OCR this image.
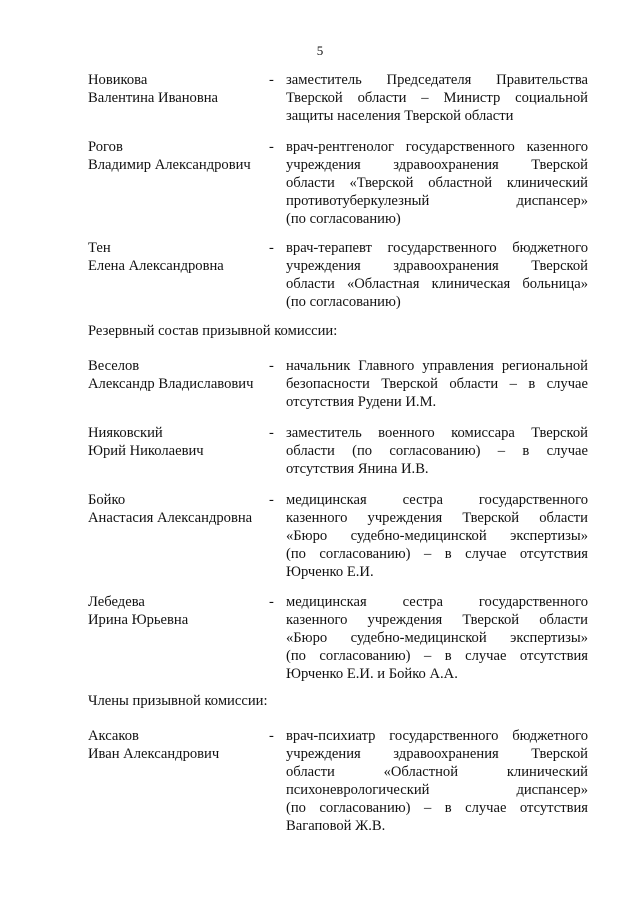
5
Новикова
Валентина Ивановна
- заместитель Председателя Правительства
Тверской области – Министр социальной
защиты населения Тверской области
Рогов
Владимир Александрович
- врач-рентгенолог государственного казенного
учреждения здравоохранения Тверской
области «Тверской областной клинический
противотуберкулезный диспансер»
(по согласованию)
Тен
Елена Александровна
- врач-терапевт государственного бюджетного
учреждения здравоохранения Тверской
области «Областная клиническая больница»
(по согласованию)
Резервный состав призывной комиссии:
Веселов
Александр Владиславович
- начальник Главного управления региональной
безопасности Тверской области – в случае
отсутствия Рудени И.М.
Нияковский
Юрий Николаевич
- заместитель военного комиссара Тверской
области (по согласованию) – в случае
отсутствия Янина И.В.
Бойко
Анастасия Александровна
- медицинская сестра государственного
казенного учреждения Тверской области
«Бюро судебно-медицинской экспертизы»
(по согласованию) – в случае отсутствия
Юрченко Е.И.
Лебедева
Ирина Юрьевна
- медицинская сестра государственного
казенного учреждения Тверской области
«Бюро судебно-медицинской экспертизы»
(по согласованию) – в случае отсутствия
Юрченко Е.И. и Бойко А.А.
Члены призывной комиссии:
Аксаков
Иван Александрович
- врач-психиатр государственного бюджетного
учреждения здравоохранения Тверской
области «Областной клинический
психоневрологический диспансер»
(по согласованию) – в случае отсутствия
Вагаповой Ж.В.
